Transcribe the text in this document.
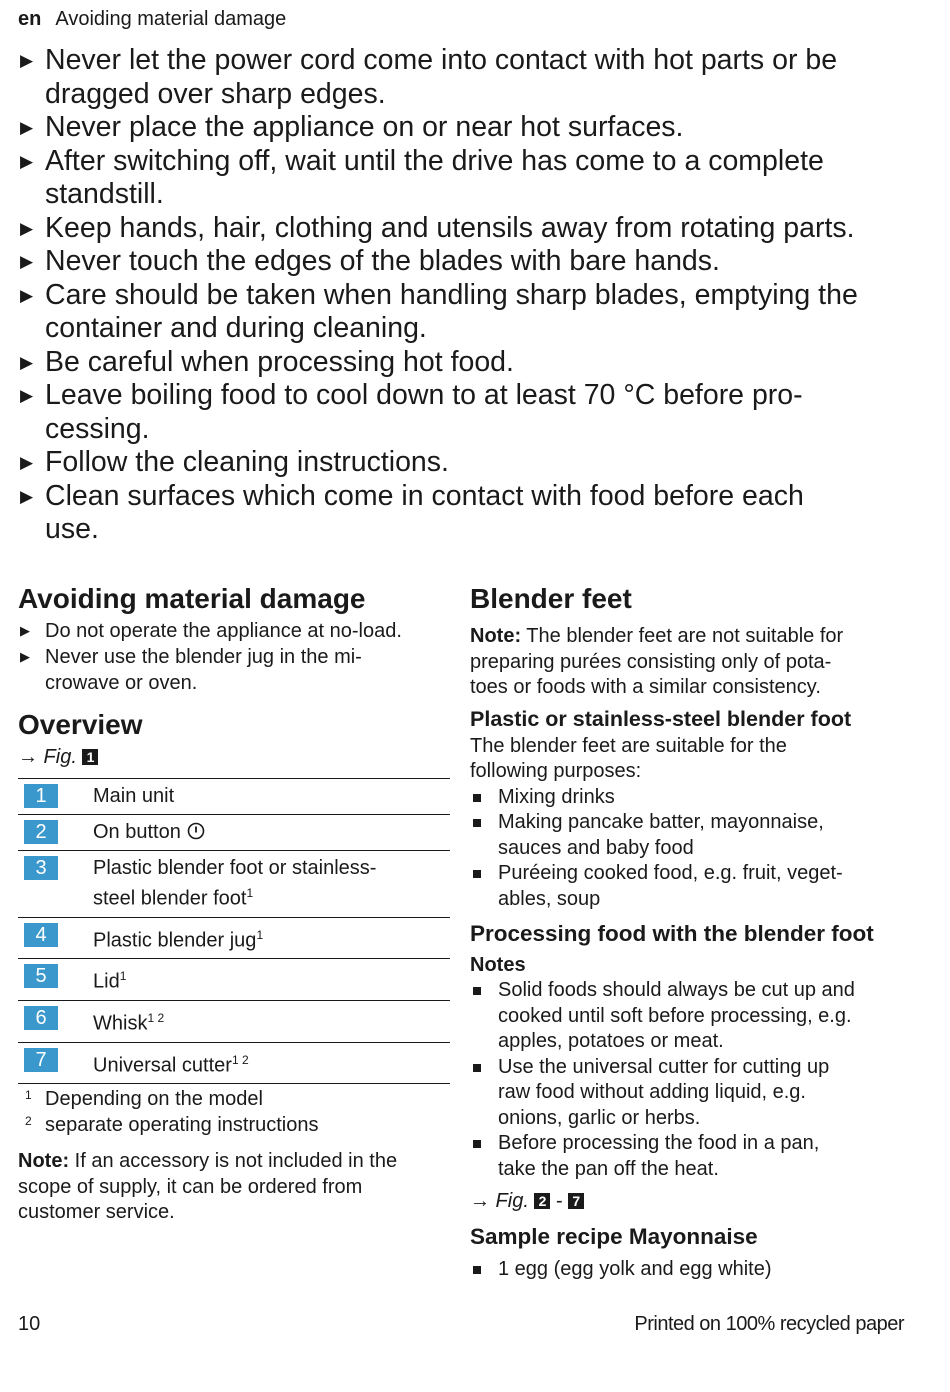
en Avoiding material damage
▶ Never let the power cord come into contact with hot parts or be
dragged over sharp edges.
▶ Never place the appliance on or near hot surfaces.
▶ After switching off, wait until the drive has come to a complete
standstill.
▶ Keep hands, hair, clothing and utensils away from rotating parts.
▶ Never touch the edges of the blades with bare hands.
▶ Care should be taken when handling sharp blades, emptying the
container and during cleaning.
▶ Be careful when processing hot food.
▶ Leave boiling food to cool down to at least 70 °C before pro-
cessing.
▶ Follow the cleaning instructions.
▶ Clean surfaces which come in contact with food before each
use.
Avoiding material damage
▶ Do not operate the appliance at no-load.
▶ Never use the blender jug in the mi-
crowave or oven.
Overview
→ Fig. 1
1	Main unit
2	On button
3	Plastic blender foot or stainless-
steel blender foot$^1$
4	Plastic blender jug$^1$
5	Lid$^1$
6	Whisk$^{1 2}$
7	Universal cutter$^{1 2}$
1 Depending on the model
2 separate operating instructions

Note: If an accessory is not included in the
scope of supply, it can be ordered from
customer service.

Blender feet

Note: The blender feet are not suitable for
preparing purées consisting only of pota-
toes or foods with a similar consistency.

Plastic or stainless-steel blender foot

The blender feet are suitable for the
following purposes:

Mixing drinks
Making pancake batter, mayonnaise,
sauces and baby food
Puréeing cooked food, e.g. fruit, veget-
ables, soup
Processing food with the blender foot
Notes
Solid foods should always be cut up and
cooked until soft before processing, e.g.
apples, potatoes or meat.
Use the universal cutter for cutting up
raw food without adding liquid, e.g.
onions, garlic or herbs.
Before processing the food in a pan,
take the pan off the heat.
→ Fig. 2 - 7
Sample recipe Mayonnaise
1 egg (egg yolk and egg white)
10	Printed on 100% recycled paper
